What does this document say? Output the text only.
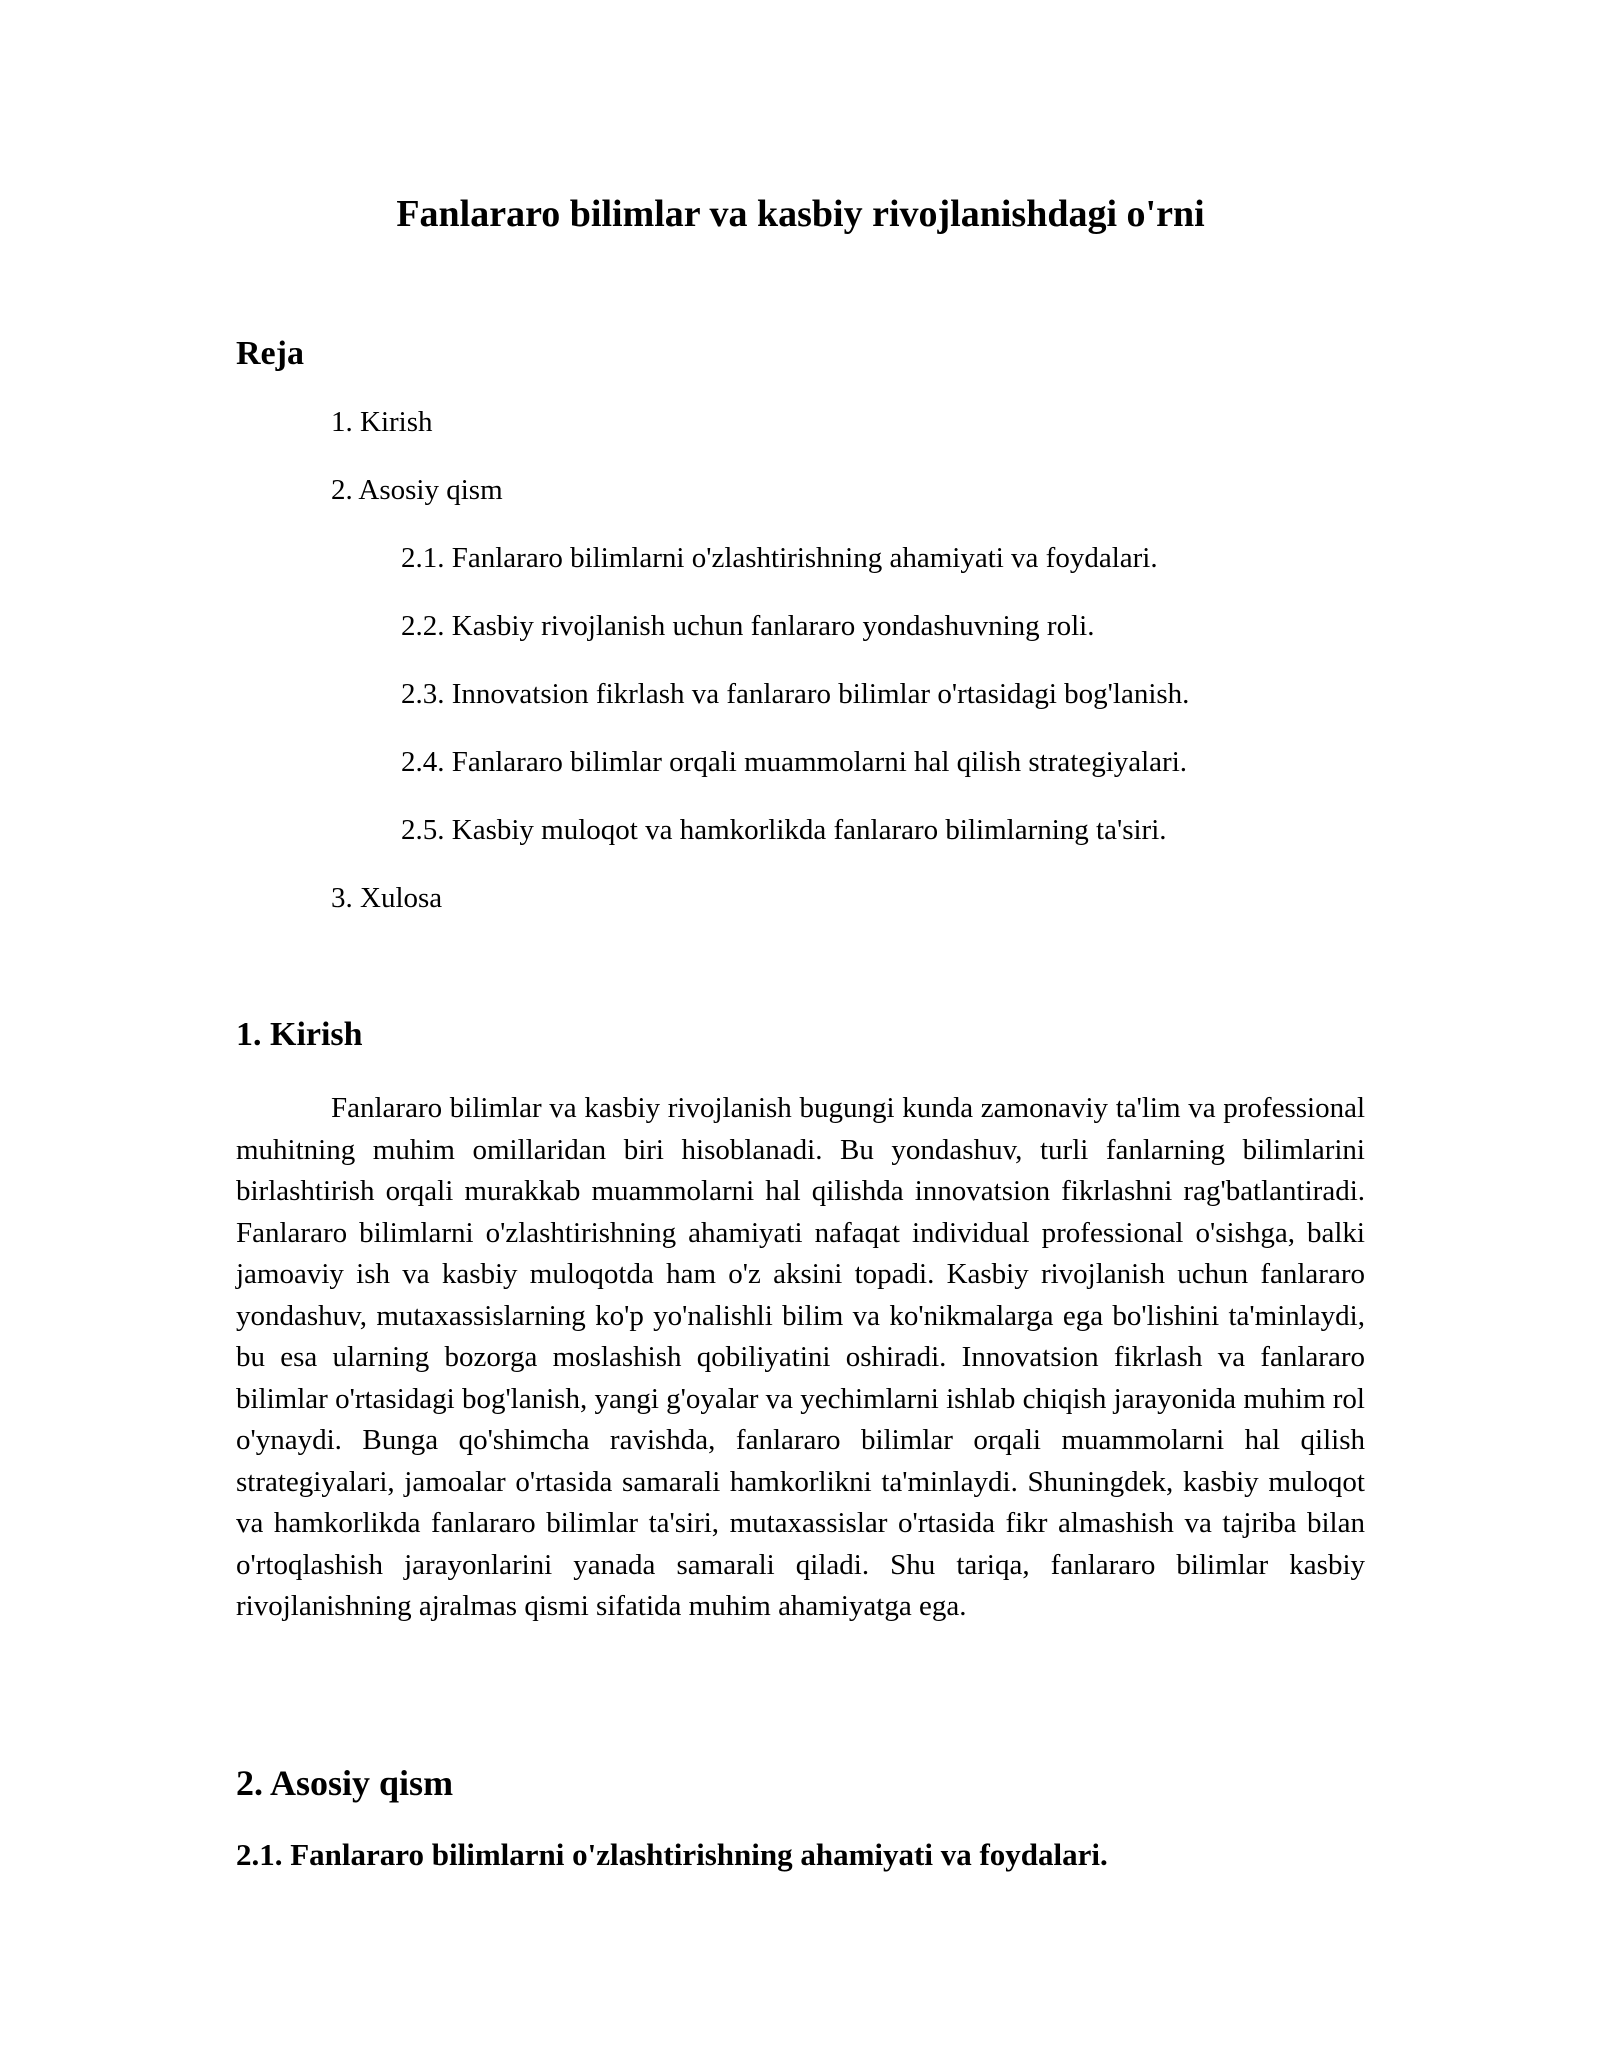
Fanlararo bilimlar va kasbiy rivojlanishdagi o'rni
Reja
1. Kirish
2. Asosiy qism
2.1. Fanlararo bilimlarni o'zlashtirishning ahamiyati va foydalari.
2.2. Kasbiy rivojlanish uchun fanlararo yondashuvning roli.
2.3. Innovatsion fikrlash va fanlararo bilimlar o'rtasidagi bog'lanish.
2.4. Fanlararo bilimlar orqali muammolarni hal qilish strategiyalari.
2.5. Kasbiy muloqot va hamkorlikda fanlararo bilimlarning ta'siri.
3. Xulosa
1. Kirish

Fanlararo bilimlar va kasbiy rivojlanish bugungi kunda zamonaviy ta'lim va professional muhitning muhim omillaridan biri hisoblanadi. Bu yondashuv, turli fanlarning bilimlarini birlashtirish orqali murakkab muammolarni hal qilishda innovatsion fikrlashni rag'batlantiradi. Fanlararo bilimlarni o'zlashtirishning ahamiyati nafaqat individual professional o'sishga, balki jamoaviy ish va kasbiy muloqotda ham o'z aksini topadi. Kasbiy rivojlanish uchun fanlararo yondashuv, mutaxassislarning ko'p yo'nalishli bilim va ko'nikmalarga ega bo'lishini ta'minlaydi, bu esa ularning bozorga moslashish qobiliyatini oshiradi. Innovatsion fikrlash va fanlararo bilimlar o'rtasidagi bog'lanish, yangi g'oyalar va yechimlarni ishlab chiqish jarayonida muhim rol o'ynaydi. Bunga qo'shimcha ravishda, fanlararo bilimlar orqali muammolarni hal qilish strategiyalari, jamoalar o'rtasida samarali hamkorlikni ta'minlaydi. Shuningdek, kasbiy muloqot va hamkorlikda fanlararo bilimlar ta'siri, mutaxassislar o'rtasida fikr almashish va tajriba bilan o'rtoqlashish jarayonlarini yanada samarali qiladi. Shu tariqa, fanlararo bilimlar kasbiy rivojlanishning ajralmas qismi sifatida muhim ahamiyatga ega.

2. Asosiy qism
2.1. Fanlararo bilimlarni o'zlashtirishning ahamiyati va foydalari.
